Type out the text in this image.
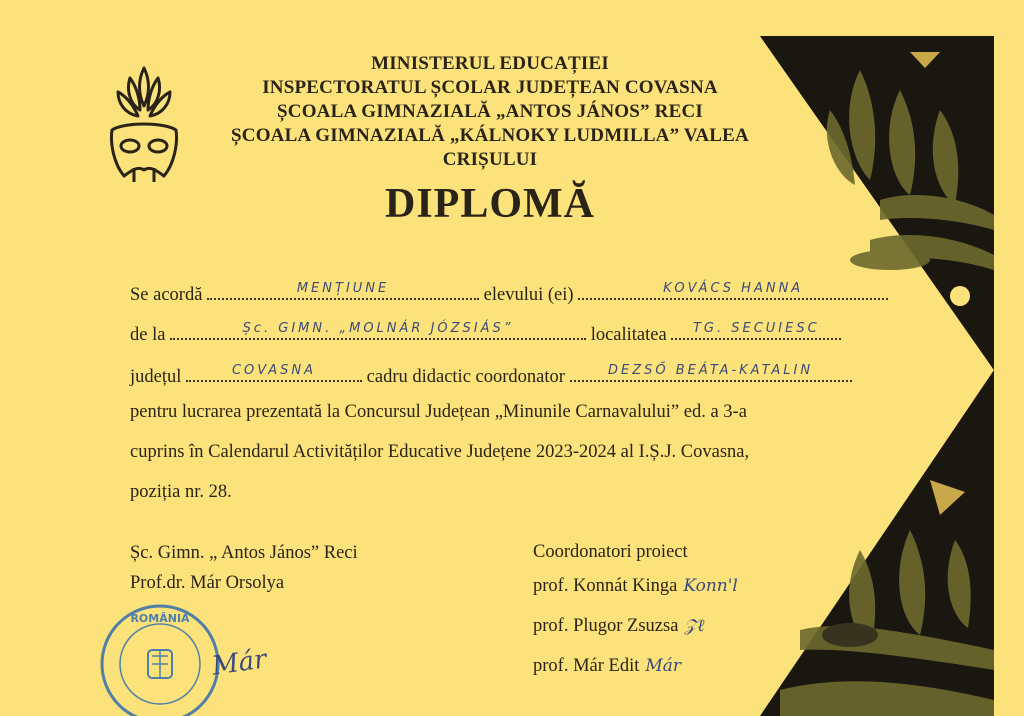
MINISTERUL EDUCAȚIEI
INSPECTORATUL ȘCOLAR JUDEȚEAN COVASNA
ȘCOALA GIMNAZIALĂ „ANTOS JÁNOS” RECI
ȘCOALA GIMNAZIALĂ „KÁLNOKY LUDMILLA” VALEA
CRIȘULUI
DIPLOMĂ
Se acordă	MENȚIUNE	elevului (ei)	KOVÁCS HANNA
de la	Șc. GIMN. „MOLNÁR JÓZSIÁS”	localitatea	TG. SECUIESC
județul	COVASNA	cadru didactic coordonator	DEZSŐ BEÁTA-KATALIN
pentru lucrarea prezentată la Concursul Județean „Minunile Carnavalului” ed. a 3-a
cuprins în Calendarul Activităților Educative Județene 2023-2024 al I.Ș.J. Covasna,
poziția nr. 28.
Șc. Gimn. „ Antos János” Reci
Prof.dr. Már Orsolya
Coordonatori proiect
prof. Konnát Kinga Konn'l
prof. Plugor Zsuzsa 𝒵ℓ
prof. Már Edit Már
ROMÂNIA
Már
